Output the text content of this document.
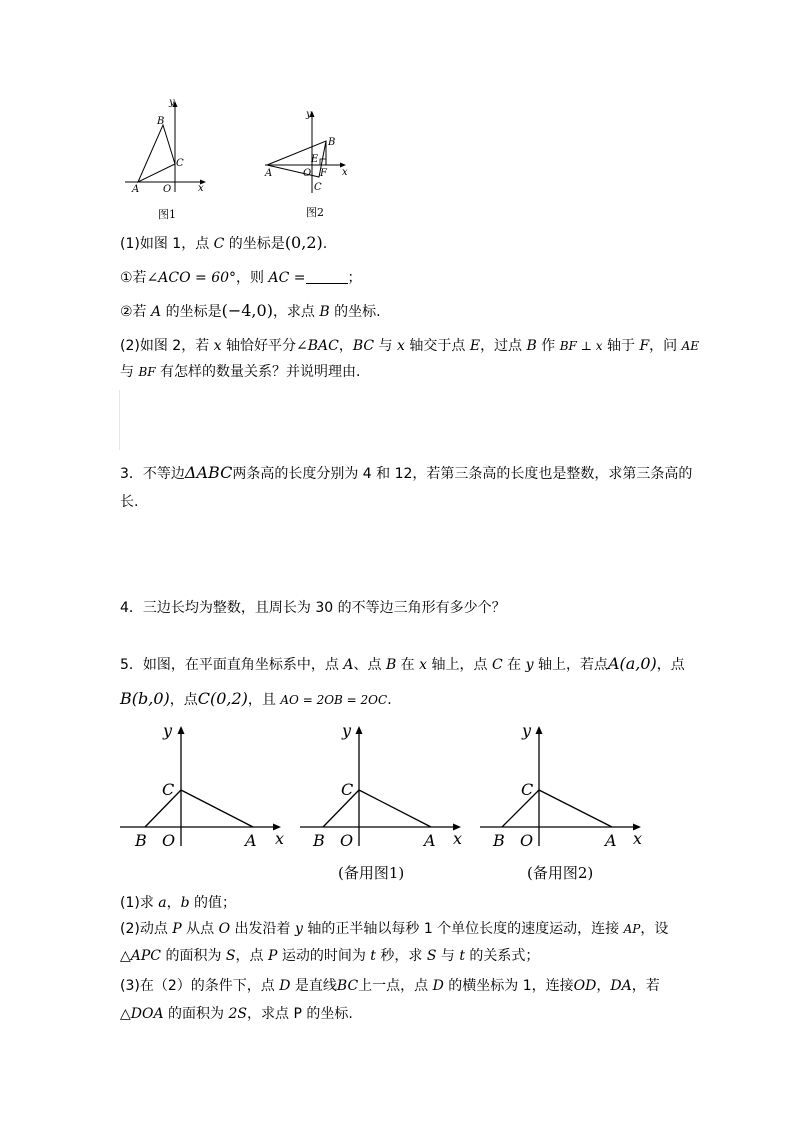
y
x
B
C
A O
图1
y
x
B
E
A	O F
C
图2
(1)如图 1，点 C 的坐标是(0,2).
①若∠ACO = 60°，则 AC =	；
②若 A 的坐标是(−4,0)，求点 B 的坐标.
(2)如图 2，若 x 轴恰好平分∠BAC，BC 与 x 轴交于点 E，过点 B 作 BF ⊥ x 轴于 F，问 AE
与 BF 有怎样的数量关系？并说明理由.
3．不等边ΔABC两条高的长度分别为 4 和 12，若第三条高的长度也是整数，求第三条高的
长.
4．三边长均为整数，且周长为 30 的不等边三角形有多少个？
5．如图，在平面直角坐标系中，点 A、点 B 在 x 轴上，点 C 在 y 轴上，若点A(a,0)，点
B(b,0)，点C(0,2)，且 AO = 2OB = 2OC.
y
x
C
B O	A
y
x
C
B O	A
y
x
C
B O	A
(备用图1)	(备用图2)
(1)求 a，b 的值；
(2)动点 P 从点 O 出发沿着 y 轴的正半轴以每秒 1 个单位长度的速度运动，连接 AP，设
△APC 的面积为 S，点 P 运动的时间为 t 秒，求 S 与 t 的关系式；
(3)在（2）的条件下，点 D 是直线BC上一点，点 D 的横坐标为 1，连接OD，DA，若
△DOA 的面积为 2S，求点 P 的坐标.
